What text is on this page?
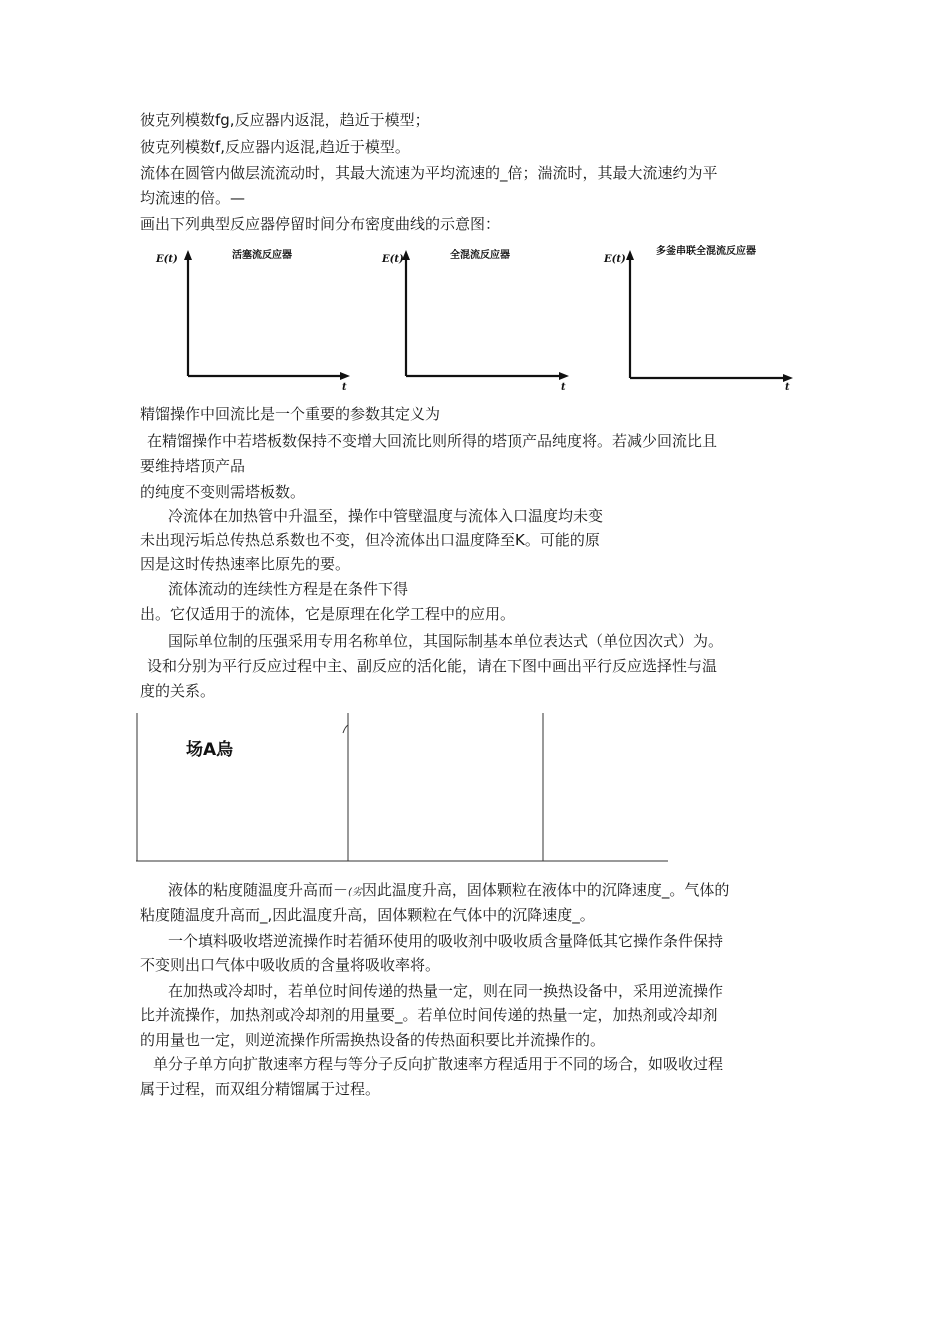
彼克列模数fg,反应器内返混，趋近于模型；
彼克列模数f,反应器内返混,趋近于模型。
流体在圆管内做层流流动时，其最大流速为平均流速的_倍；湍流时，其最大流速约为平
均流速的倍。—
画出下列典型反应器停留时间分布密度曲线的示意图：
E(t)
t
活塞流反应器	E(t)
t
全混流反应器	E(t)
t
多釜串联全混流反应器
精馏操作中回流比是一个重要的参数其定义为
在精馏操作中若塔板数保持不变增大回流比则所得的塔顶产品纯度将。若减少回流比且
要维持塔顶产品
的纯度不变则需塔板数。
冷流体在加热管中升温至，操作中管壁温度与流体入口温度均未变
未出现污垢总传热总系数也不变，但冷流体出口温度降至K。可能的原
因是这时传热速率比原先的要。
流体流动的连续性方程是在条件下得
出。它仅适用于的流体，它是原理在化学工程中的应用。
国际单位制的压强采用专用名称单位，其国际制基本单位表达式（单位因次式）为。
设和分别为平行反应过程中主、副反应的活化能，请在下图中画出平行反应选择性与温
度的关系。
场A烏
液体的粘度随温度升高而－(劣因此温度升高，固体颗粒在液体中的沉降速度_。气体的
粘度随温度升高而_,因此温度升高，固体颗粒在气体中的沉降速度_。
一个填料吸收塔逆流操作时若循环使用的吸收剂中吸收质含量降低其它操作条件保持
不变则出口气体中吸收质的含量将吸收率将。
在加热或冷却时，若单位时间传递的热量一定，则在同一换热设备中，采用逆流操作
比并流操作，加热剂或冷却剂的用量要_。若单位时间传递的热量一定，加热剂或冷却剂
的用量也一定，则逆流操作所需换热设备的传热面积要比并流操作的。
单分子单方向扩散速率方程与等分子反向扩散速率方程适用于不同的场合，如吸收过程
属于过程，而双组分精馏属于过程。
